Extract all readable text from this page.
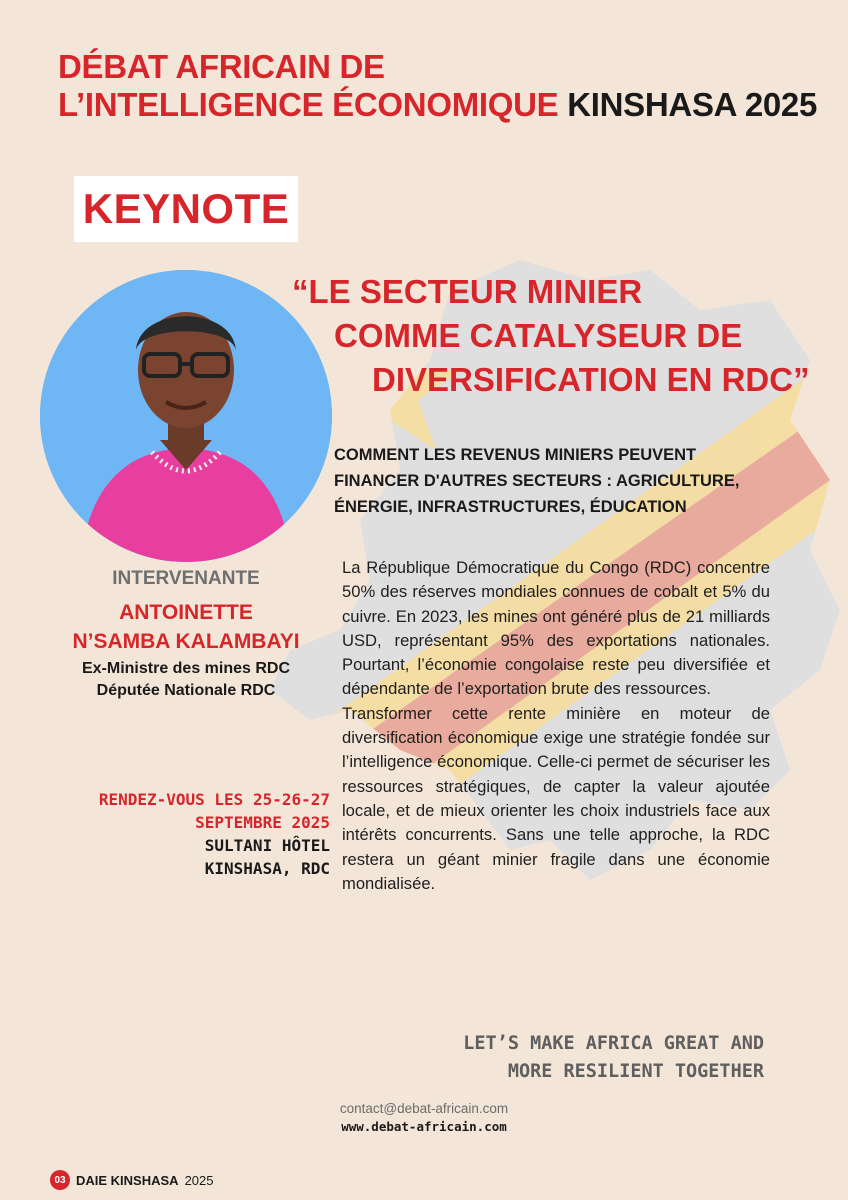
DÉBAT AFRICAIN DE
L’INTELLIGENCE ÉCONOMIQUE KINSHASA 2025
KEYNOTE
“LE SECTEUR MINIER
COMME CATALYSEUR DE
DIVERSIFICATION EN RDC”
COMMENT LES REVENUS MINIERS PEUVENT
FINANCER D'AUTRES SECTEURS : AGRICULTURE,
ÉNERGIE, INFRASTRUCTURES, ÉDUCATION
INTERVENANTE
ANTOINETTE
N’SAMBA KALAMBAYI
Ex-Ministre des mines RDC
Députée Nationale RDC
RENDEZ-VOUS LES 25-26-27
SEPTEMBRE 2025
SULTANI HÔTEL
KINSHASA, RDC

La République Démocratique du Congo (RDC) concentre 50% des réserves mondiales connues de cobalt et 5% du cuivre. En 2023, les mines ont généré plus de 21 milliards USD, représentant 95% des exportations nationales. Pourtant, l’économie congolaise reste peu diversifiée et dépendante de l’exportation brute des ressources.

Transformer cette rente minière en moteur de diversification économique exige une stratégie fondée sur l’intelligence économique. Celle-ci permet de sécuriser les ressources stratégiques, de capter la valeur ajoutée locale, et de mieux orienter les choix industriels face aux intérêts concurrents. Sans une telle approche, la RDC restera un géant minier fragile dans une économie mondialisée.

LET’S MAKE AFRICA GREAT AND
MORE RESILIENT TOGETHER
contact@debat-africain.com
www.debat-africain.com
03 DAIE KINSHASA 2025
